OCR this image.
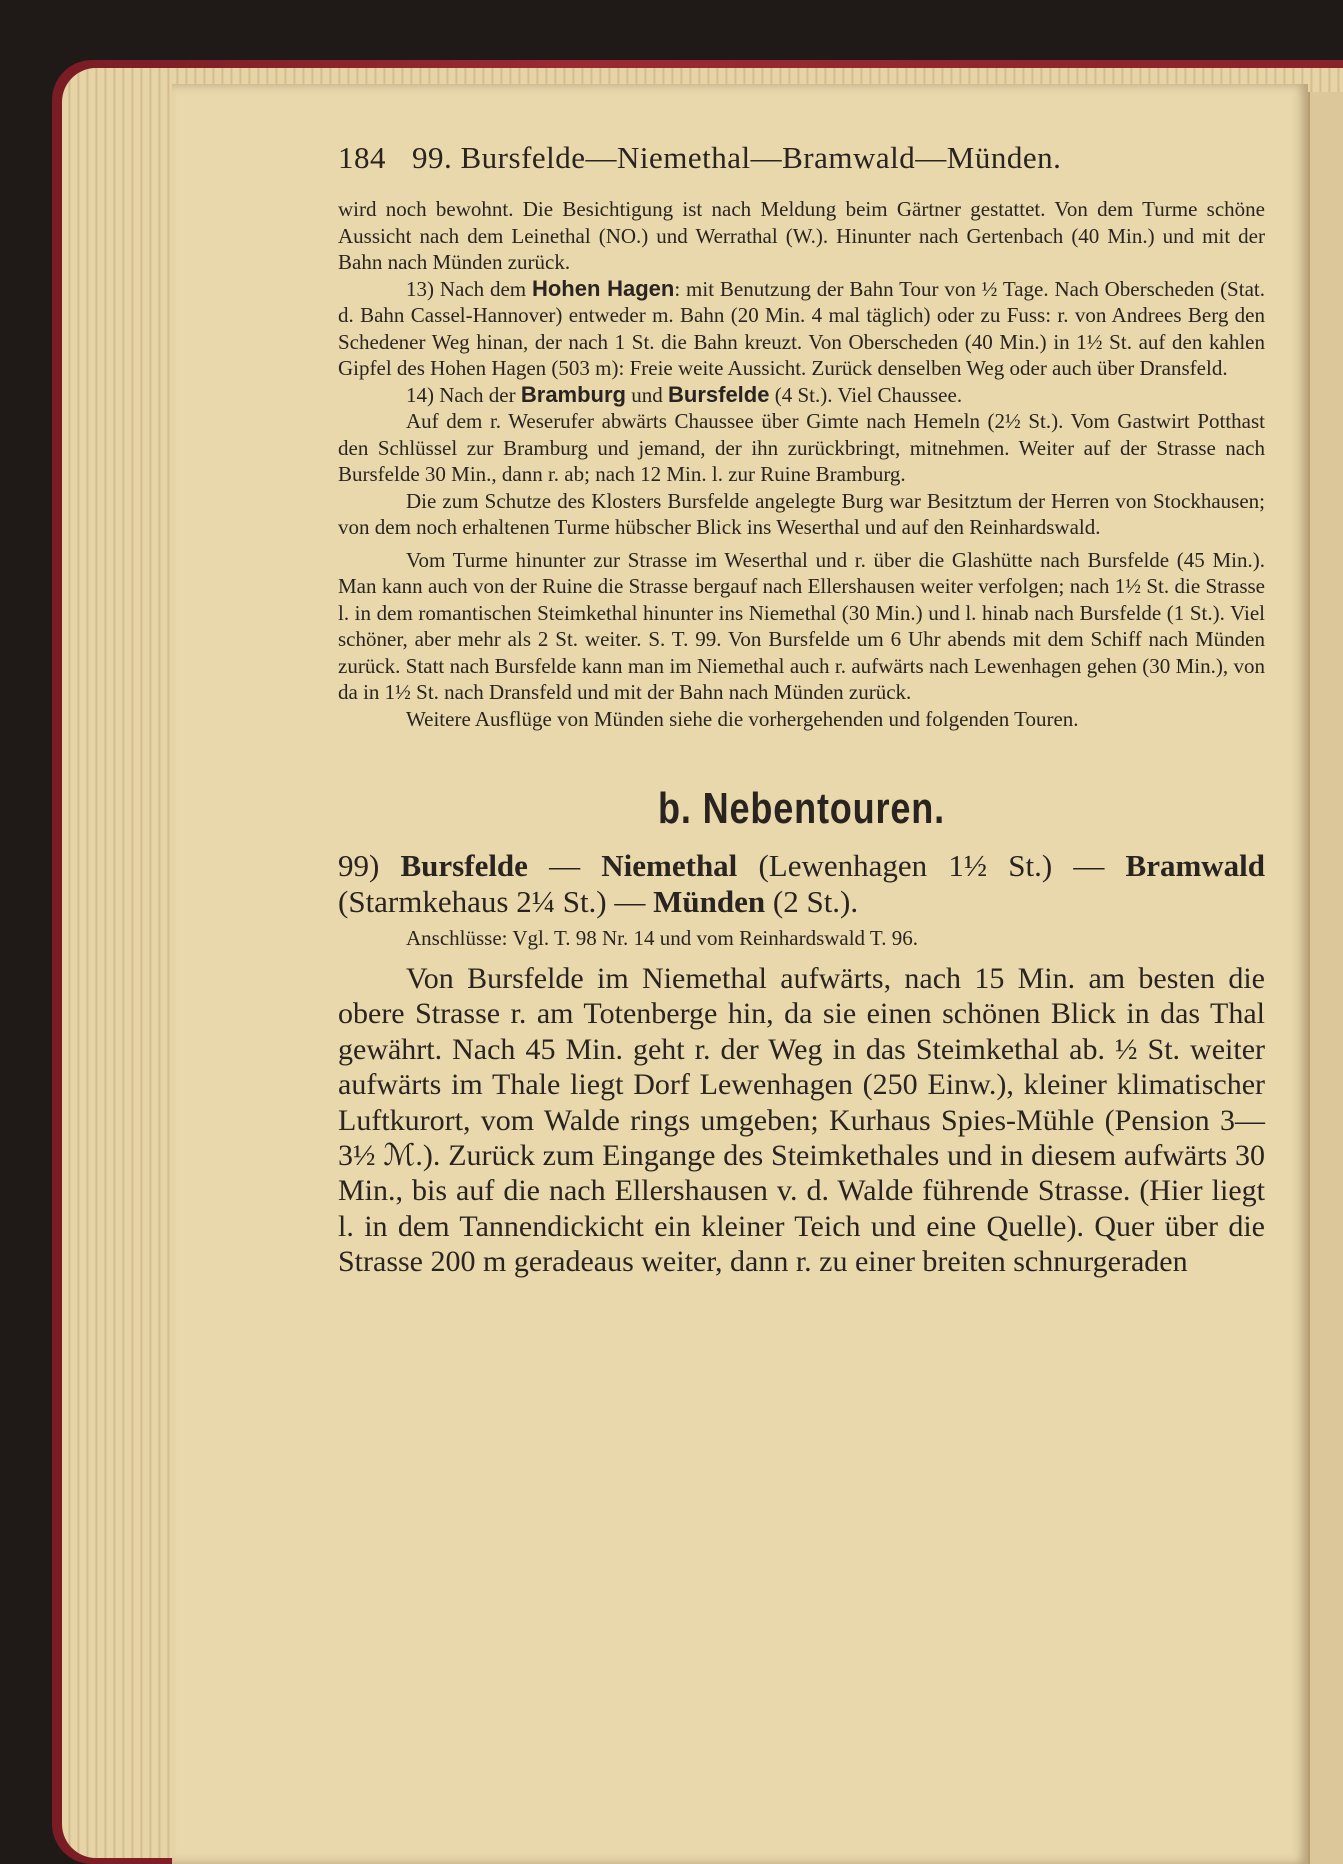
184 99. Bursfelde—Niemethal—Bramwald—Münden.

wird noch bewohnt. Die Besichtigung ist nach Meldung beim Gärtner gestattet. Von dem Turme schöne Aussicht nach dem Leinethal (NO.) und Werrathal (W.). Hinunter nach Gertenbach (40 Min.) und mit der Bahn nach Münden zurück.

13) Nach dem Hohen Hagen: mit Benutzung der Bahn Tour von ½ Tage. Nach Oberscheden (Stat. d. Bahn Cassel-Hannover) entweder m. Bahn (20 Min. 4 mal täglich) oder zu Fuss: r. von Andrees Berg den Schedener Weg hinan, der nach 1 St. die Bahn kreuzt. Von Oberscheden (40 Min.) in 1½ St. auf den kahlen Gipfel des Hohen Hagen (503 m): Freie weite Aussicht. Zurück denselben Weg oder auch über Dransfeld.

14) Nach der Bramburg und Bursfelde (4 St.). Viel Chaussee.

Auf dem r. Weserufer abwärts Chaussee über Gimte nach Hemeln (2½ St.). Vom Gastwirt Potthast den Schlüssel zur Bramburg und jemand, der ihn zurückbringt, mitnehmen. Weiter auf der Strasse nach Bursfelde 30 Min., dann r. ab; nach 12 Min. l. zur Ruine Bramburg.

Die zum Schutze des Klosters Bursfelde angelegte Burg war Besitztum der Herren von Stockhausen; von dem noch erhaltenen Turme hübscher Blick ins Weserthal und auf den Reinhardswald.

Vom Turme hinunter zur Strasse im Weserthal und r. über die Glashütte nach Bursfelde (45 Min.). Man kann auch von der Ruine die Strasse bergauf nach Ellershausen weiter verfolgen; nach 1½ St. die Strasse l. in dem romantischen Steimkethal hinunter ins Niemethal (30 Min.) und l. hinab nach Bursfelde (1 St.). Viel schöner, aber mehr als 2 St. weiter. S. T. 99. Von Bursfelde um 6 Uhr abends mit dem Schiff nach Münden zurück. Statt nach Bursfelde kann man im Niemethal auch r. aufwärts nach Lewenhagen gehen (30 Min.), von da in 1½ St. nach Dransfeld und mit der Bahn nach Münden zurück.

Weitere Ausflüge von Münden siehe die vorhergehenden und folgenden Touren.

b. Nebentouren.

99) Bursfelde — Niemethal (Lewenhagen 1½ St.) — Bramwald (Starmkehaus 2¼ St.) — Münden (2 St.).

Anschlüsse: Vgl. T. 98 Nr. 14 und vom Reinhardswald T. 96.

Von Bursfelde im Niemethal aufwärts, nach 15 Min. am besten die obere Strasse r. am Totenberge hin, da sie einen schönen Blick in das Thal gewährt. Nach 45 Min. geht r. der Weg in das Steimkethal ab. ½ St. weiter aufwärts im Thale liegt Dorf Lewenhagen (250 Einw.), kleiner klimatischer Luftkurort, vom Walde rings umgeben; Kurhaus Spies-Mühle (Pension 3—3½ ℳ.). Zurück zum Eingange des Steimkethales und in diesem aufwärts 30 Min., bis auf die nach Ellershausen v. d. Walde führende Strasse. (Hier liegt l. in dem Tannendickicht ein kleiner Teich und eine Quelle). Quer über die Strasse 200 m geradeaus weiter, dann r. zu einer breiten schnurgeraden
